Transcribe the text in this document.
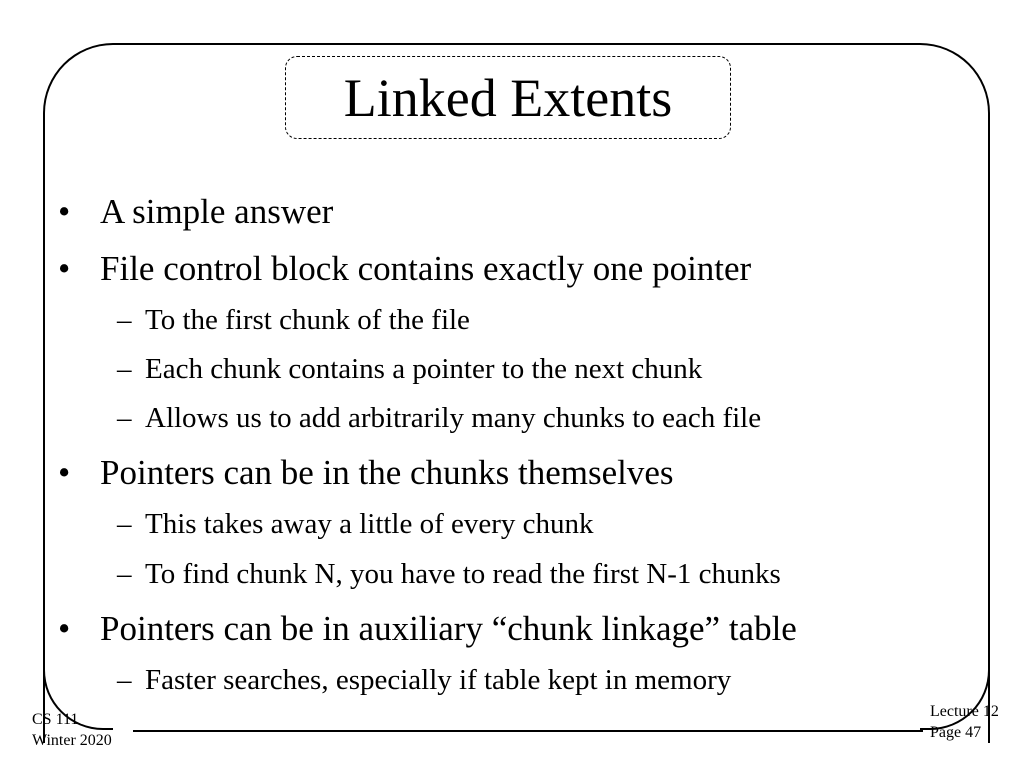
Linked Extents
• A simple answer
• File control block contains exactly one pointer
– To the first chunk of the file
– Each chunk contains a pointer to the next chunk
– Allows us to add arbitrarily many chunks to each file
• Pointers can be in the chunks themselves
– This takes away a little of every chunk
– To find chunk N, you have to read the first N-1 chunks
• Pointers can be in auxiliary “chunk linkage” table
– Faster searches, especially if table kept in memory
CS 111
Winter 2020
Lecture 12
Page 47
